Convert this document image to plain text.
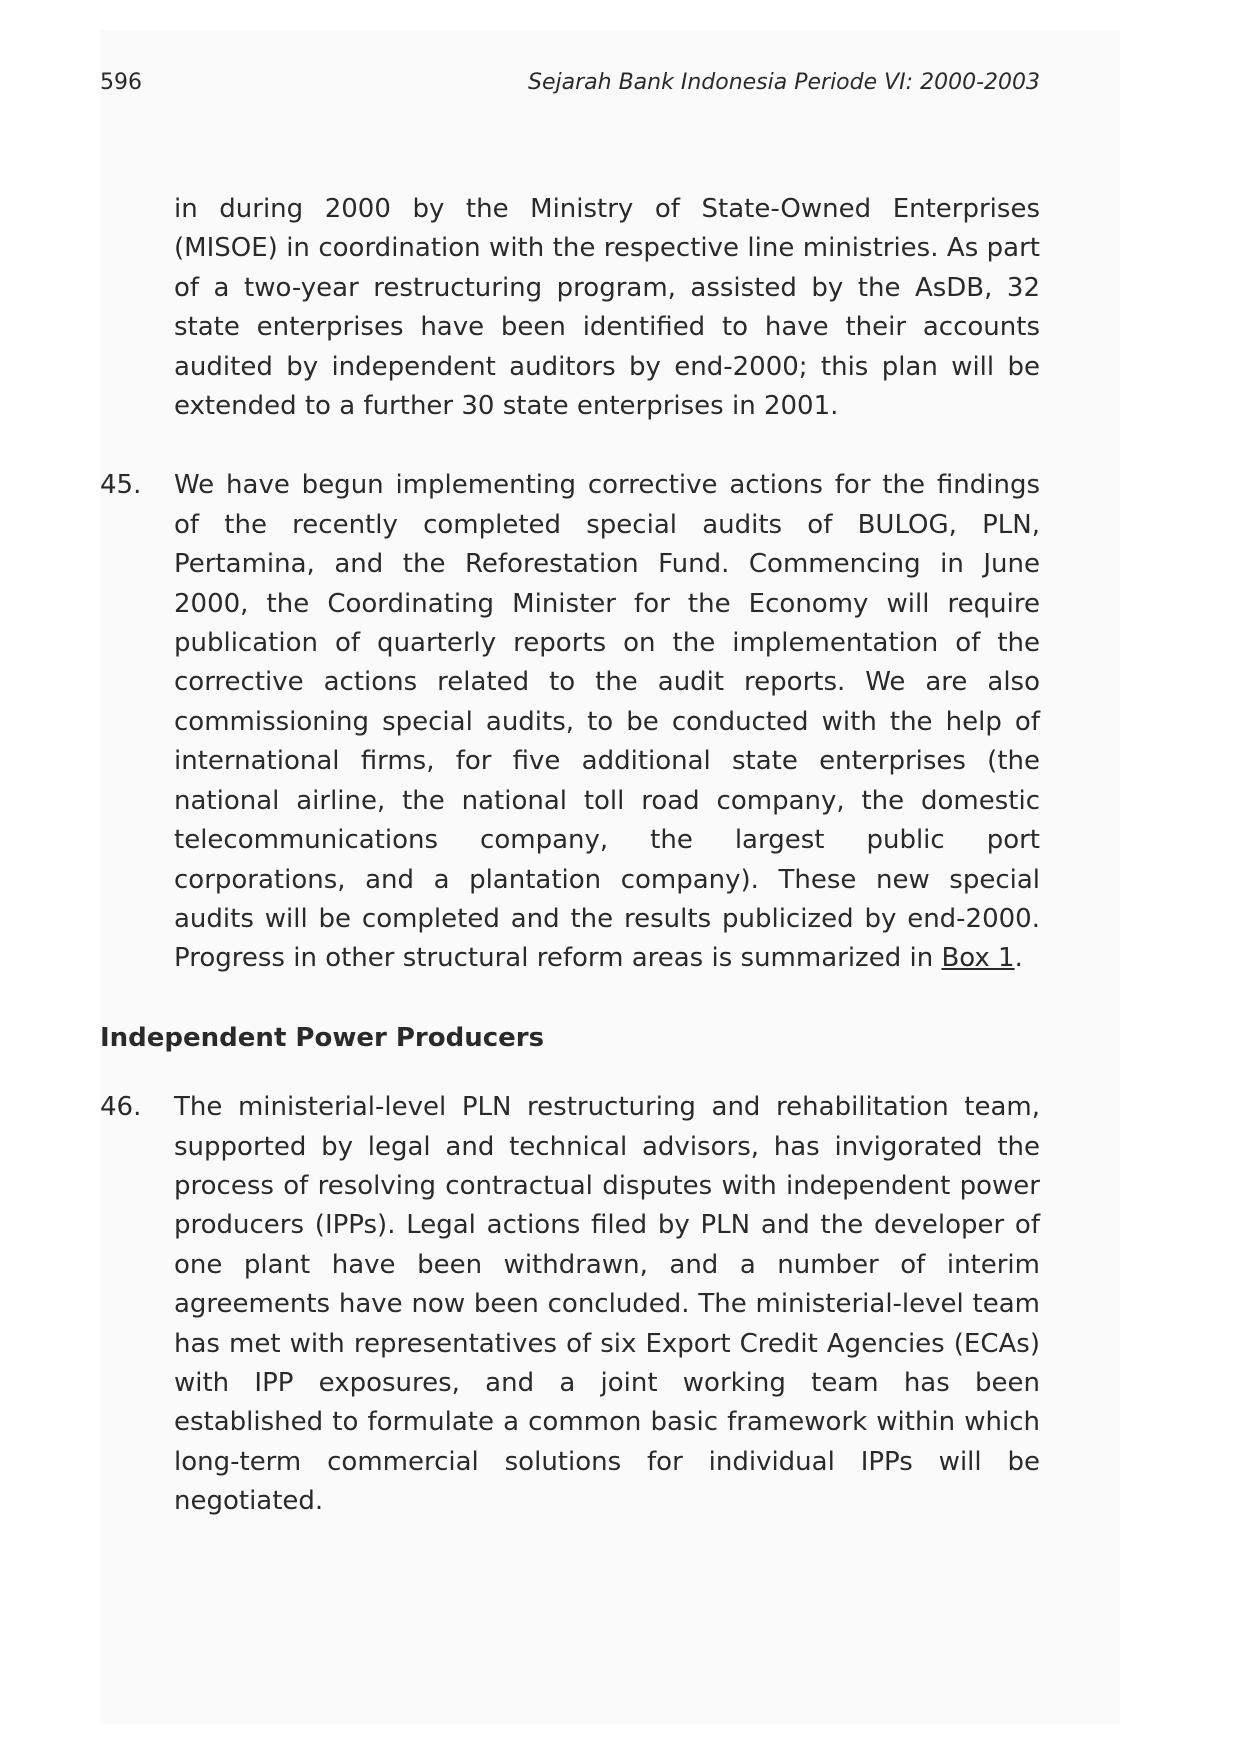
596	Sejarah Bank Indonesia Periode VI: 2000-2003

in during 2000 by the Ministry of State-Owned Enterprises (MISOE) in coordination with the respective line ministries. As part of a two-year restructuring program, assisted by the AsDB, 32 state enterprises have been identified to have their accounts audited by independent auditors by end-2000; this plan will be extended to a further 30 state enterprises in 2001.

45. We have begun implementing corrective actions for the findings of the recently completed special audits of BULOG, PLN, Pertamina, and the Reforestation Fund. Commencing in June 2000, the Coordinating Minister for the Economy will require publication of quarterly reports on the implementation of the corrective actions related to the audit reports. We are also commissioning special audits, to be conducted with the help of international firms, for five additional state enterprises (the national airline, the national toll road company, the domestic telecommunications company, the largest public port corporations, and a plantation company). These new special audits will be completed and the results publicized by end-2000. Progress in other structural reform areas is summarized in Box 1.

Independent Power Producers
46. The ministerial-level PLN restructuring and rehabilitation team, supported by legal and technical advisors, has invigorated the process of resolving contractual disputes with independent power producers (IPPs). Legal actions filed by PLN and the developer of one plant have been withdrawn, and a number of interim agreements have now been concluded. The ministerial-level team has met with representatives of six Export Credit Agencies (ECAs) with IPP exposures, and a joint working team has been established to formulate a common basic framework within which long-term commercial solutions for individual IPPs will be negotiated.
